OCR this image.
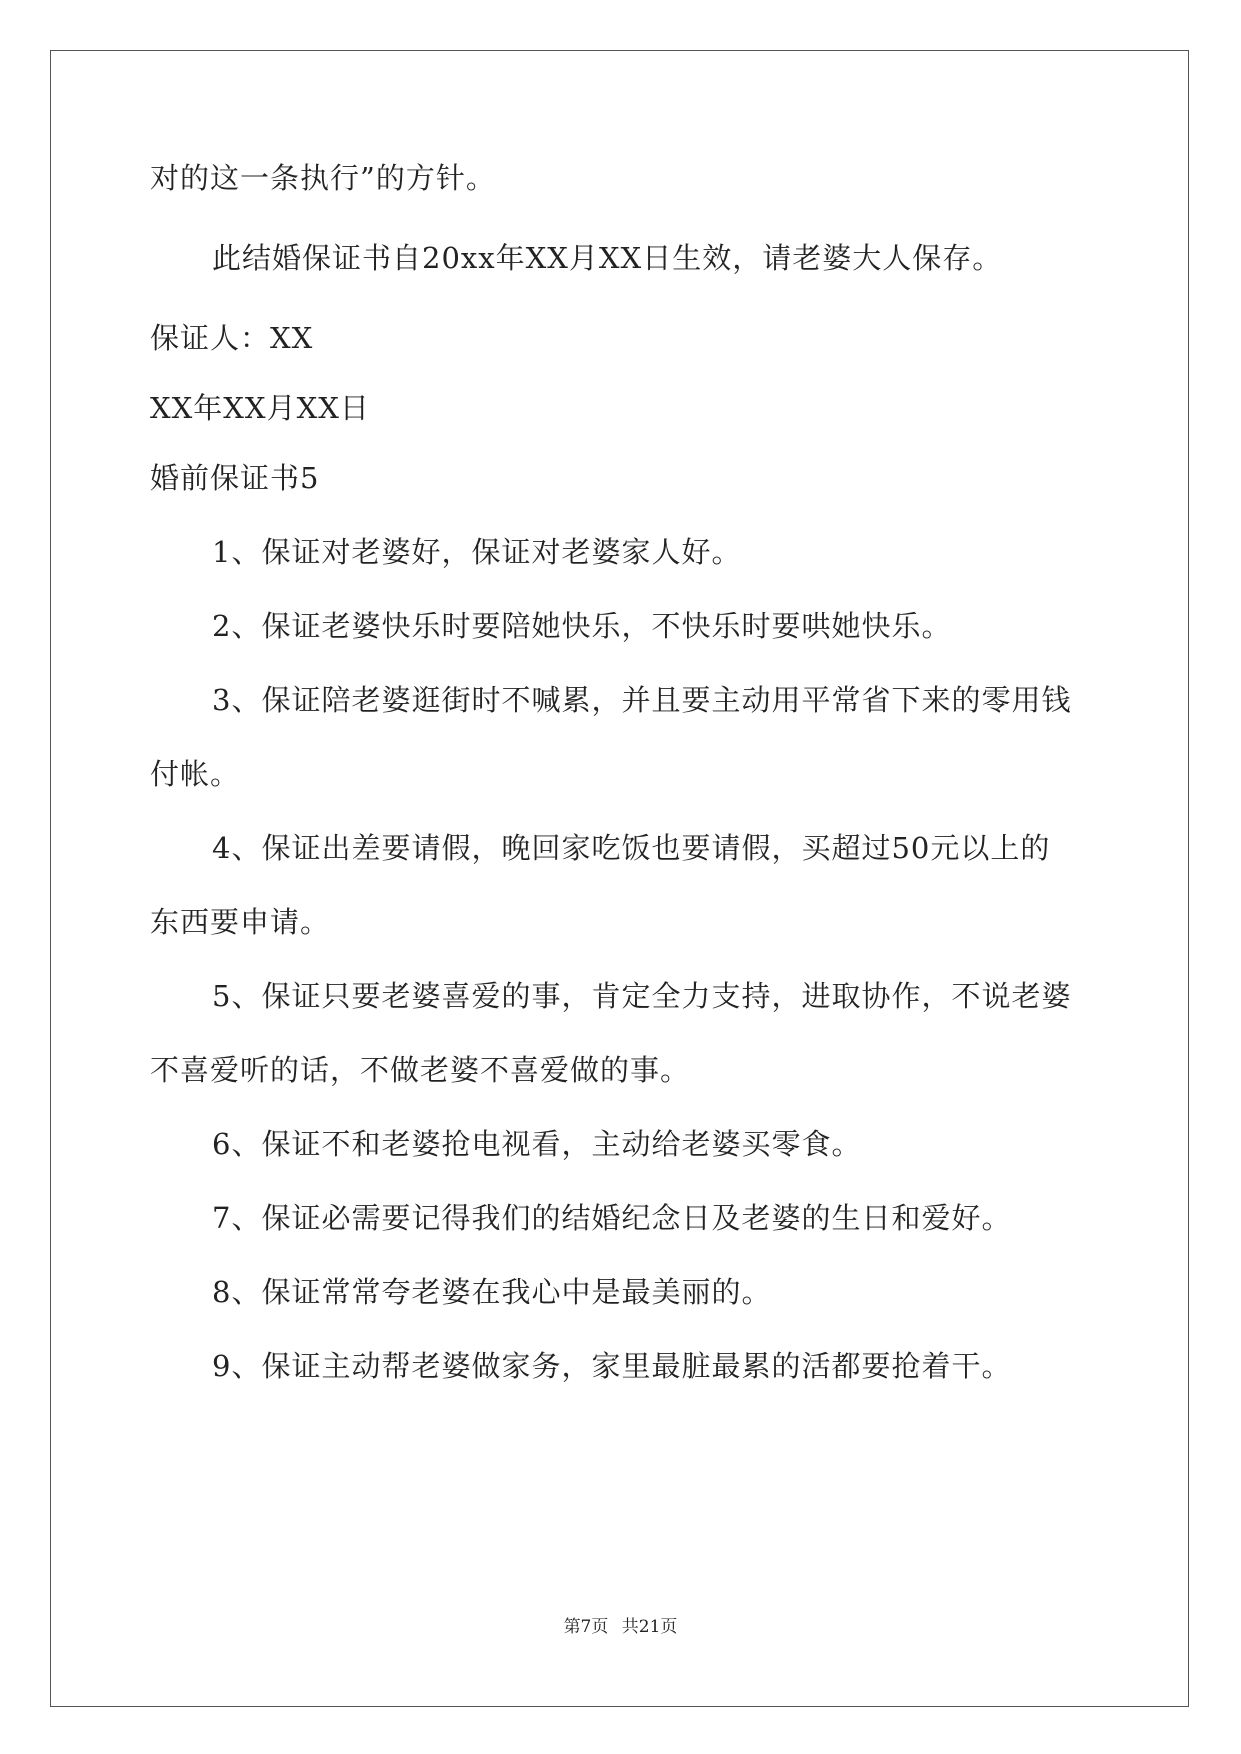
对的这一条执行”的方针。
此结婚保证书自20xx年XX月XX日生效，请老婆大人保存。
保证人：XX
XX年XX月XX日
婚前保证书5
1、保证对老婆好，保证对老婆家人好。
2、保证老婆快乐时要陪她快乐，不快乐时要哄她快乐。
3、保证陪老婆逛街时不喊累，并且要主动用平常省下来的零用钱
付帐。
4、保证出差要请假，晚回家吃饭也要请假，买超过50元以上的
东西要申请。
5、保证只要老婆喜爱的事，肯定全力支持，进取协作，不说老婆
不喜爱听的话，不做老婆不喜爱做的事。
6、保证不和老婆抢电视看，主动给老婆买零食。
7、保证必需要记得我们的结婚纪念日及老婆的生日和爱好。
8、保证常常夸老婆在我心中是最美丽的。
9、保证主动帮老婆做家务，家里最脏最累的活都要抢着干。
第7页 共21页
